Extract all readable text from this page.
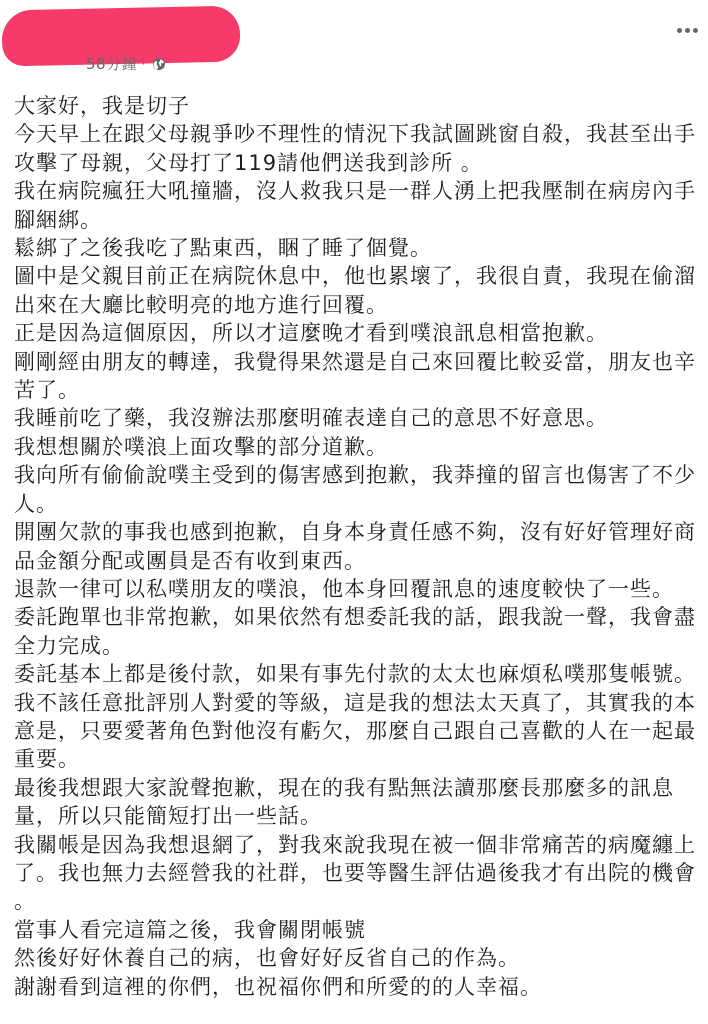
58分鐘 ·

大家好，我是切子

今天早上在跟父母親爭吵不理性的情況下我試圖跳窗自殺，我甚至出手

攻擊了母親，父母打了119請他們送我到診所 。

我在病院瘋狂大吼撞牆，沒人救我只是一群人湧上把我壓制在病房內手

腳綑綁。

鬆綁了之後我吃了點東西，睏了睡了個覺。

圖中是父親目前正在病院休息中，他也累壞了，我很自責，我現在偷溜

出來在大廳比較明亮的地方進行回覆。

正是因為這個原因，所以才這麼晚才看到噗浪訊息相當抱歉。

剛剛經由朋友的轉達，我覺得果然還是自己來回覆比較妥當，朋友也辛

苦了。

我睡前吃了藥，我沒辦法那麼明確表達自己的意思不好意思。

我想想關於噗浪上面攻擊的部分道歉。

我向所有偷偷說噗主受到的傷害感到抱歉，我莽撞的留言也傷害了不少

人。

開團欠款的事我也感到抱歉，自身本身責任感不夠，沒有好好管理好商

品金額分配或團員是否有收到東西。

退款一律可以私噗朋友的噗浪，他本身回覆訊息的速度較快了一些。

委託跑單也非常抱歉，如果依然有想委託我的話，跟我說一聲，我會盡

全力完成。

委託基本上都是後付款，如果有事先付款的太太也麻煩私噗那隻帳號。

我不該任意批評別人對愛的等級，這是我的想法太天真了，其實我的本

意是，只要愛著角色對他沒有虧欠，那麼自己跟自己喜歡的人在一起最

重要。

最後我想跟大家說聲抱歉，現在的我有點無法讀那麼長那麼多的訊息

量，所以只能簡短打出一些話。

我關帳是因為我想退網了，對我來說我現在被一個非常痛苦的病魔纏上

了。我也無力去經營我的社群，也要等醫生評估過後我才有出院的機會

。

當事人看完這篇之後，我會關閉帳號

然後好好休養自己的病，也會好好反省自己的作為。

謝謝看到這裡的你們，也祝福你們和所愛的的人幸福。
